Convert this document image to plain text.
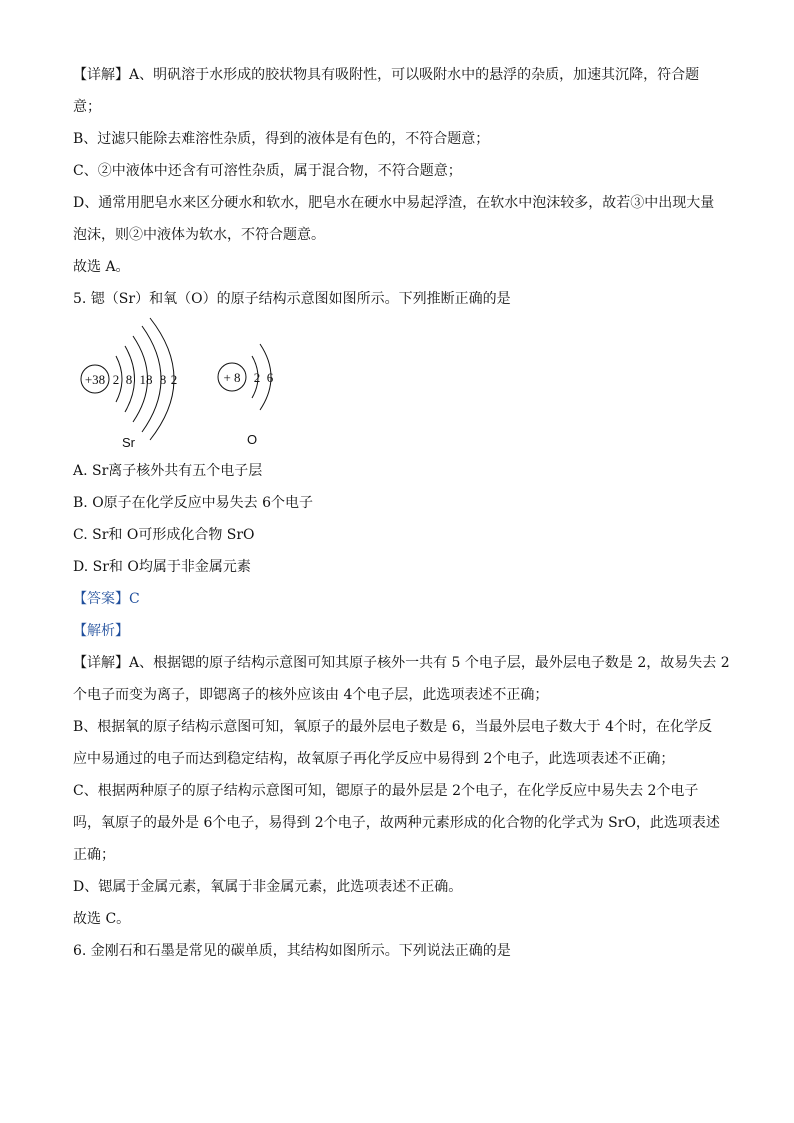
【详解】A、明矾溶于水形成的胶状物具有吸附性，可以吸附水中的悬浮的杂质，加速其沉降，符合题
意；
B、过滤只能除去难溶性杂质，得到的液体是有色的，不符合题意；
C、②中液体中还含有可溶性杂质，属于混合物，不符合题意；
D、通常用肥皂水来区分硬水和软水，肥皂水在硬水中易起浮渣，在软水中泡沫较多，故若③中出现大量
泡沫，则②中液体为软水，不符合题意。
故选 A。
5. 锶（Sr）和氧（O）的原子结构示意图如图所示。下列推断正确的是
+38 2 8 18 8 2	+ 8 2 6
Sr	O
A. Sr离子核外共有五个电子层
B. O原子在化学反应中易失去 6个电子
C. Sr和 O可形成化合物 SrO
D. Sr和 O均属于非金属元素
【答案】C
【解析】
【详解】A、根据锶的原子结构示意图可知其原子核外一共有 5 个电子层，最外层电子数是 2，故易失去 2
个电子而变为离子，即锶离子的核外应该由 4个电子层，此选项表述不正确；
B、根据氧的原子结构示意图可知，氧原子的最外层电子数是 6，当最外层电子数大于 4个时，在化学反
应中易通过的电子而达到稳定结构，故氧原子再化学反应中易得到 2个电子，此选项表述不正确；
C、根据两种原子的原子结构示意图可知，锶原子的最外层是 2个电子，在化学反应中易失去 2个电子
吗，氧原子的最外是 6个电子，易得到 2个电子，故两种元素形成的化合物的化学式为 SrO，此选项表述
正确；
D、锶属于金属元素，氧属于非金属元素，此选项表述不正确。
故选 C。
6. 金刚石和石墨是常见的碳单质，其结构如图所示。下列说法正确的是
